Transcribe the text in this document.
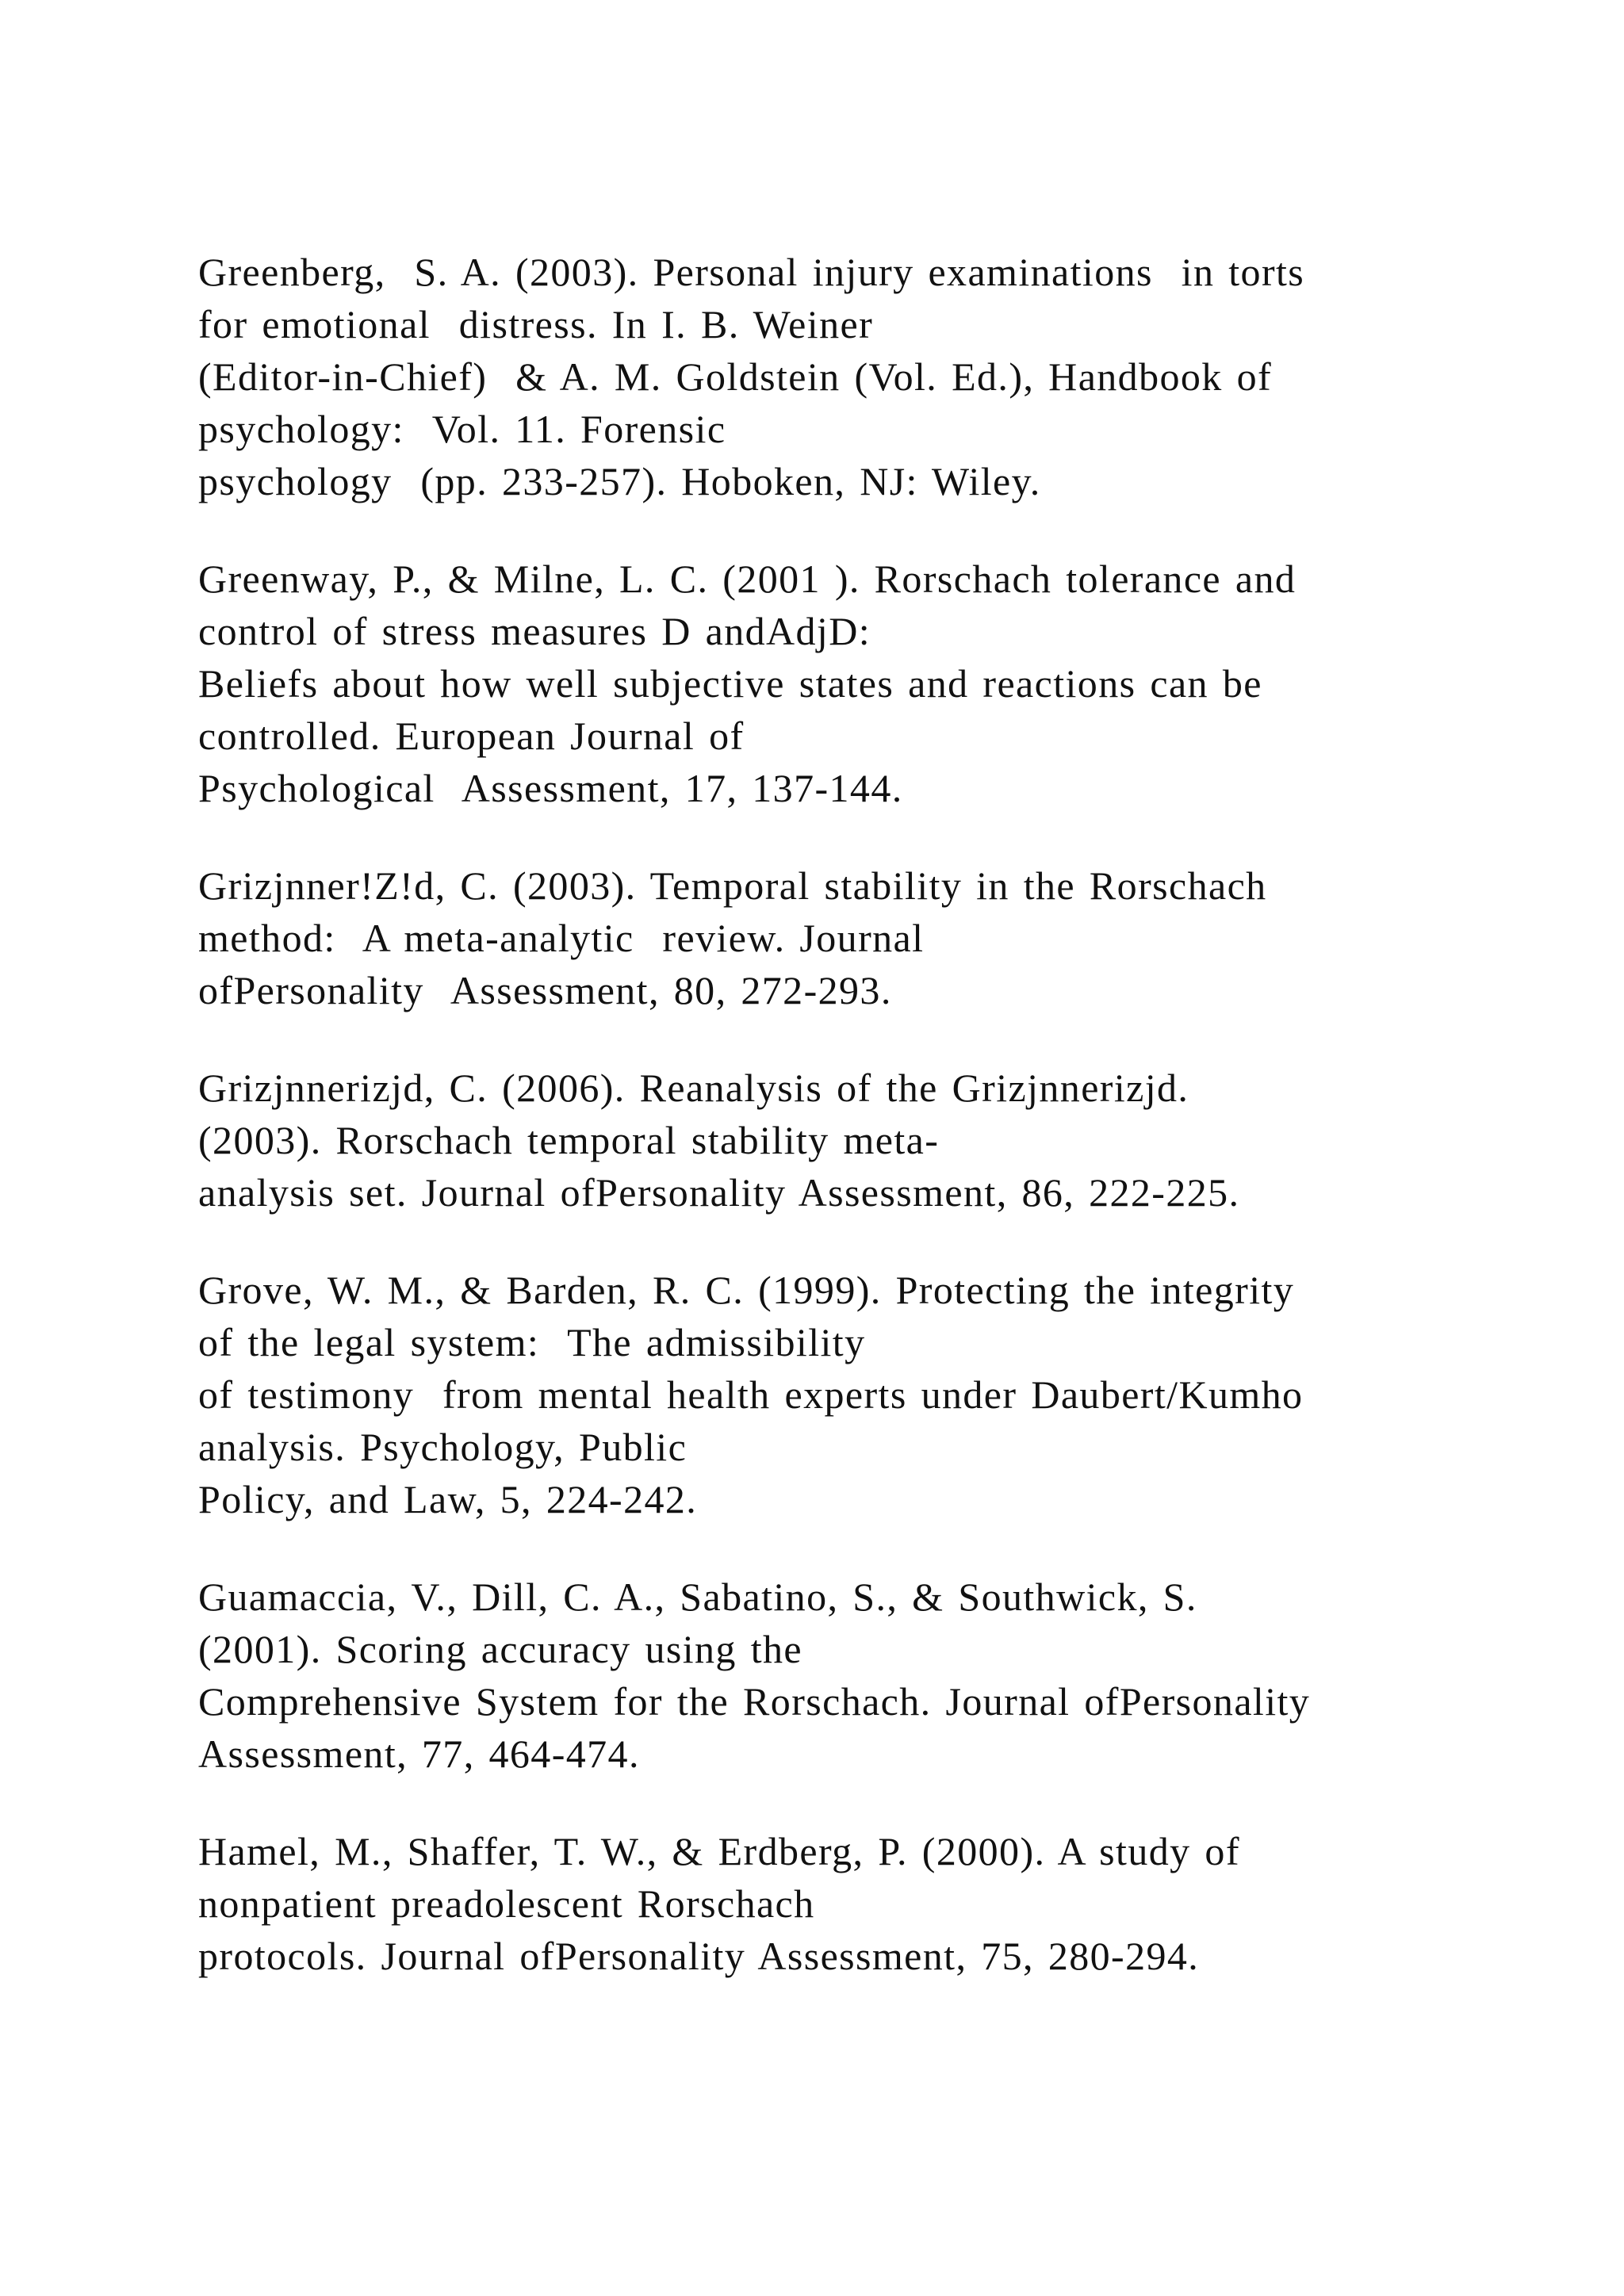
Greenberg,  S. A. (2003). Personal injury examinations  in torts
for emotional  distress. In I. B. Weiner
(Editor-in-Chief)  & A. M. Goldstein (Vol. Ed.), Handbook of
psychology:  Vol. 11. Forensic
psychology  (pp. 233-257). Hoboken, NJ: Wiley.
Greenway, P., & Milne, L. C. (2001 ). Rorschach tolerance and
control of stress measures D andAdjD:
Beliefs about how well subjective states and reactions can be
controlled. European Journal of
Psychological  Assessment, 17, 137-144.
Grizjnner!Z!d, C. (2003). Temporal stability in the Rorschach
method:  A meta-analytic  review. Journal
ofPersonality  Assessment, 80, 272-293.
Grizjnnerizjd, C. (2006). Reanalysis of the Grizjnnerizjd.
(2003). Rorschach temporal stability meta-
analysis set. Journal ofPersonality Assessment, 86, 222-225.
Grove, W. M., & Barden, R. C. (1999). Protecting the integrity
of the legal system:  The admissibility
of testimony  from mental health experts under Daubert/Kumho
analysis. Psychology, Public
Policy, and Law, 5, 224-242.
Guamaccia, V., Dill, C. A., Sabatino, S., & Southwick, S.
(2001). Scoring accuracy using the
Comprehensive System for the Rorschach. Journal ofPersonality
Assessment, 77, 464-474.
Hamel, M., Shaffer, T. W., & Erdberg, P. (2000). A study of
nonpatient preadolescent Rorschach
protocols. Journal ofPersonality Assessment, 75, 280-294.
